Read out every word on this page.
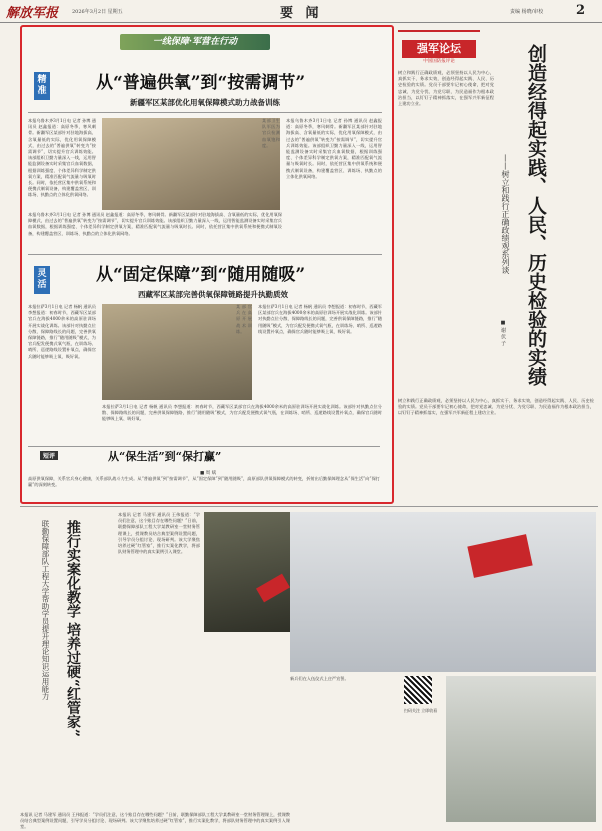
解放军报	2026年3月2日 星期五	要 闻	责编 杨晓/审校	2
一线保障·军营在行动
精准	从“普遍供氧”到“按需调节”
新疆军区某部优化用氧保障模式助力战备训练
本报乌鲁木齐3月1日电 记者 孙博 通讯员 赵鑫报道：高原冬季，寒风刺骨。新疆军区某部针对驻地海拔高、含氧量低的实际，优化用氧保障模式，由过去的“普遍供氧”转变为“按需调节”，切实提升官兵训练效能。该部组织卫勤力量深入一线，运用智能监测设备实时采集官兵血氧数据，根据训练强度、个体差异科学制定供氧方案，精准匹配氧气流量与吸氧时长。同时，依托营区集中供氧系统和便携式制氧设备，构建覆盖营区、训练场、执勤点的立体化供氧网络。
某部卫生队军医为官兵检测血氧饱和度。
本报乌鲁木齐3月1日电 记者 孙博 通讯员 赵鑫报道：高原冬季，寒风刺骨。新疆军区某部针对驻地海拔高、含氧量低的实际，优化用氧保障模式，由过去的“普遍供氧”转变为“按需调节”，切实提升官兵训练效能。该部组织卫勤力量深入一线，运用智能监测设备实时采集官兵血氧数据，根据训练强度、个体差异科学制定供氧方案，精准匹配氧气流量与吸氧时长。同时，依托营区集中供氧系统和便携式制氧设备，构建覆盖营区、训练场、执勤点的立体化供氧网络。
本报乌鲁木齐3月1日电 记者 孙博 通讯员 赵鑫报道：高原冬季，寒风刺骨。新疆军区某部针对驻地海拔高、含氧量低的实际，优化用氧保障模式，由过去的“普遍供氧”转变为“按需调节”，切实提升官兵训练效能。该部组织卫勤力量深入一线，运用智能监测设备实时采集官兵血氧数据，根据训练强度、个体差异科学制定供氧方案，精准匹配氧气流量与吸氧时长。同时，依托营区集中供氧系统和便携式制氧设备，构建覆盖营区、训练场、执勤点的立体化供氧网络。
灵活	从“固定保障”到“随用随吸”
西藏军区某部完善供氧保障链路提升执勤质效
本报拉萨3月1日电 记者 杨帆 通讯员 李想报道：初春时节，西藏军区某部官兵在海拔4000余米的高原驻训场开展实战化训练。该部针对执勤点位分散、保障路线长的问题，完善供氧保障链路，推行“随用随吸”模式，为官兵配发便携式氧气瓶，在训练场、哨所、巡逻路线设置补氧点，确保官兵随时能够吸上氧、吸好氧。
某部官兵在高原开展战术训练。
本报拉萨3月1日电 记者 杨帆 通讯员 李想报道：初春时节，西藏军区某部官兵在海拔4000余米的高原驻训场开展实战化训练。该部针对执勤点位分散、保障路线长的问题，完善供氧保障链路，推行“随用随吸”模式，为官兵配发便携式氧气瓶，在训练场、哨所、巡逻路线设置补氧点，确保官兵随时能够吸上氧、吸好氧。
本报拉萨3月1日电 记者 杨帆 通讯员 李想报道：初春时节，西藏军区某部官兵在海拔4000余米的高原驻训场开展实战化训练。该部针对执勤点位分散、保障路线长的问题，完善供氧保障链路，推行“随用随吸”模式，为官兵配发便携式氧气瓶，在训练场、哨所、巡逻路线设置补氧点，确保官兵随时能够吸上氧、吸好氧。
短评	从“保生活”到“保打赢”
■ 周 斌
高原供氧保障，关系官兵身心健康，关系部队战斗力生成。从“普遍供氧”到“按需调节”，从“固定保障”到“随用随吸”，高原部队供氧保障模式的转变，折射出后勤保障理念从“保生活”向“保打赢”的深刻转变。
强军论坛
中国国防报评论	创造经得起实践、人民、历史检验的实绩
——树立和践行正确政绩观系列谈
■ 谢 伏 子
树立和践行正确政绩观，必须坚持以人民为中心，真抓实干、务求实效，创造经得起实践、人民、历史检验的实绩。党员干部要牢记初心使命，把对党忠诚、为党分忧、为党尽职、为民造福作为根本政治担当，以钉钉子精神抓落实，在强军兴军新征程上建功立业。
树立和践行正确政绩观，必须坚持以人民为中心，真抓实干、务求实效，创造经得起实践、人民、历史检验的实绩。党员干部要牢记初心使命，把对党忠诚、为党分忧、为党尽职、为民造福作为根本政治担当，以钉钉子精神抓落实，在强军兴军新征程上建功立业。
推行实案化教学 培养过硬“红管家”
联勤保障部队工程大学帮助学员提升理论知识运用能力
本报讯 记者 马建军 通讯员 王伟报道：“学员们注意，这个账目存在哪些问题？”日前，联勤保障部队工程大学某教研室一堂财务管理课上，授课教员结合典型案例设置问题，引导学员分组讨论、现场研判。该大学聚焦培养过硬“红管家”，推行实案化教学，将部队财务管理中的真实案例引入课堂。
本报讯 记者 马建军 通讯员 王伟报道：“学员们注意，这个账目存在哪些问题？”日前，联勤保障部队工程大学某教研室一堂财务管理课上，授课教员结合典型案例设置问题，引导学员分组讨论、现场研判。该大学聚焦培养过硬“红管家”，推行实案化教学，将部队财务管理中的真实案例引入课堂。
新兵们在入伍仪式上庄严宣誓。
扫码关注 立即收看
